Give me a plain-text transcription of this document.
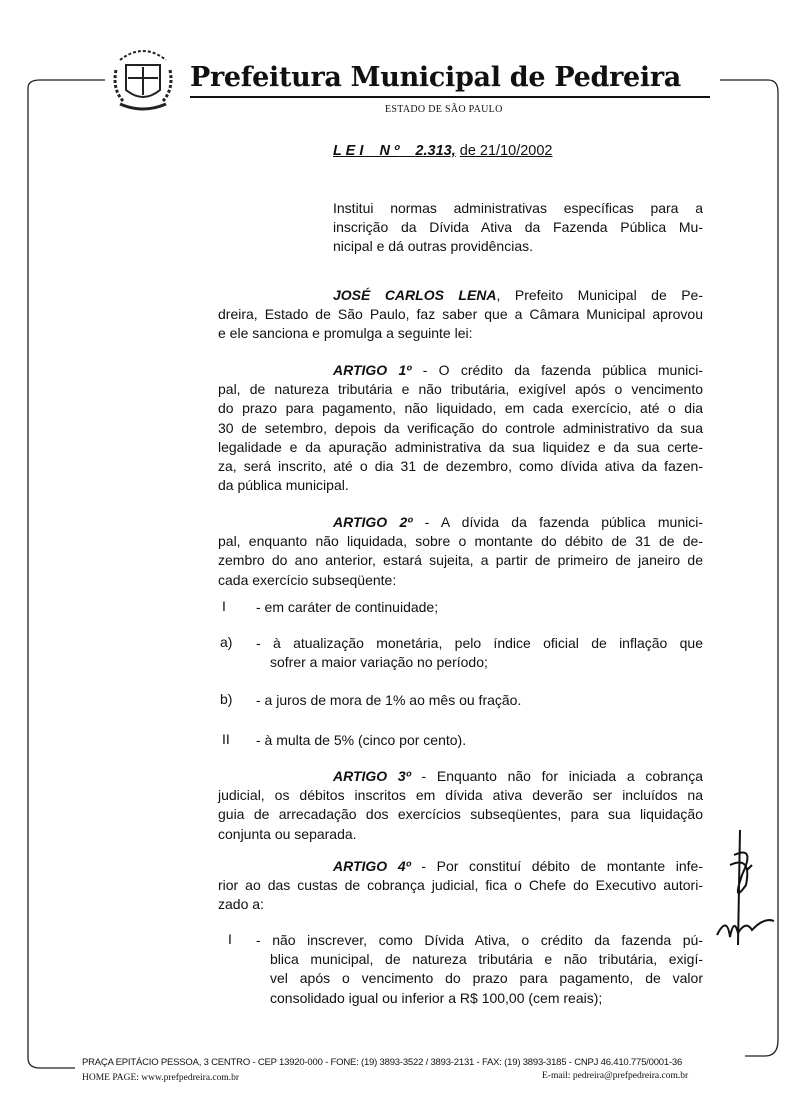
Prefeitura Municipal de Pedreira
ESTADO DE SÃO PAULO
L E I N º 2.313, de 21/10/2002
Institui normas administrativas específicas para a
inscrição da Dívida Ativa da Fazenda Pública Mu-
nicipal e dá outras providências.
JOSÉ CARLOS LENA, Prefeito Municipal de Pe-
dreira, Estado de São Paulo, faz saber que a Câmara Municipal aprovou
e ele sanciona e promulga a seguinte lei:
ARTIGO 1º - O crédito da fazenda pública munici-
pal, de natureza tributária e não tributária, exigível após o vencimento
do prazo para pagamento, não liquidado, em cada exercício, até o dia
30 de setembro, depois da verificação do controle administrativo da sua
legalidade e da apuração administrativa da sua liquidez e da sua certe-
za, será inscrito, até o dia 31 de dezembro, como dívida ativa da fazen-
da pública municipal.
ARTIGO 2º - A dívida da fazenda pública munici-
pal, enquanto não liquidada, sobre o montante do débito de 31 de de-
zembro do ano anterior, estará sujeita, a partir de primeiro de janeiro de
cada exercício subseqüente:
I - em caráter de continuidade;
a) - à atualização monetária, pelo índice oficial de inflação que
sofrer a maior variação no período;
b) - a juros de mora de 1% ao mês ou fração.
II - à multa de 5% (cinco por cento).
ARTIGO 3º - Enquanto não for iniciada a cobrança
judicial, os débitos inscritos em dívida ativa deverão ser incluídos na
guia de arrecadação dos exercícios subseqüentes, para sua liquidação
conjunta ou separada.
ARTIGO 4º - Por constituí débito de montante infe-
rior ao das custas de cobrança judicial, fica o Chefe do Executivo autori-
zado a:
I - não inscrever, como Dívida Ativa, o crédito da fazenda pú-
blica municipal, de natureza tributária e não tributária, exigí-
vel após o vencimento do prazo para pagamento, de valor
consolidado igual ou inferior a R$ 100,00 (cem reais);
PRAÇA EPITÁCIO PESSOA, 3 CENTRO - CEP 13920-000 - FONE: (19) 3893-3522 / 3893-2131 - FAX: (19) 3893-3185 - CNPJ 46.410.775/0001-36
HOME PAGE: www.prefpedreira.com.br	E-mail: pedreira@prefpedreira.com.br
